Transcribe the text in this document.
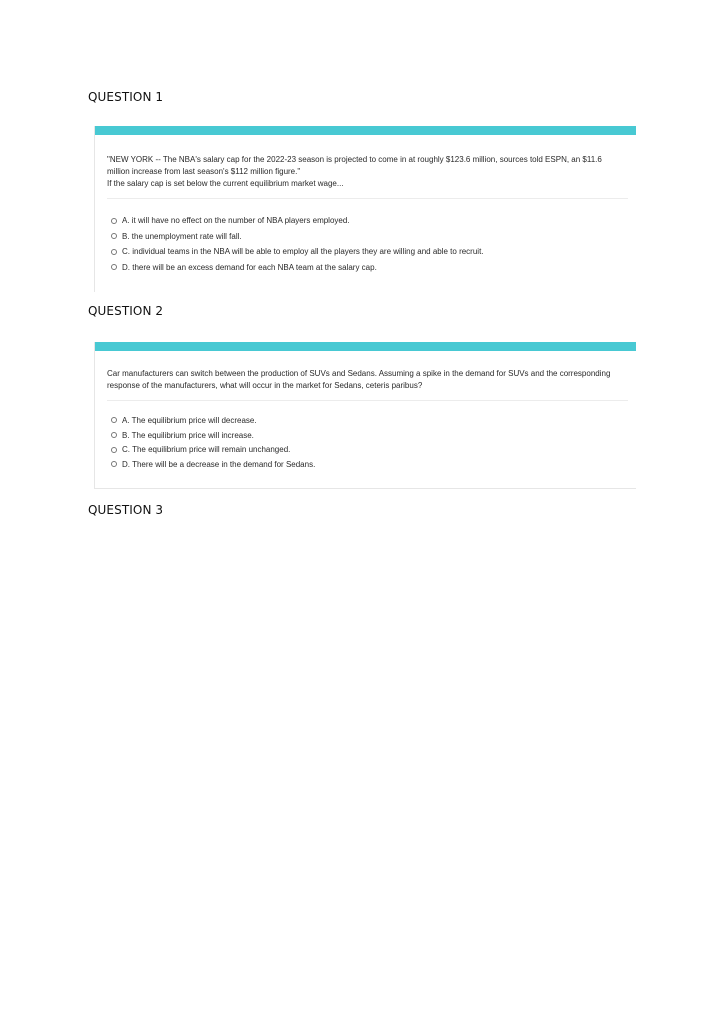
QUESTION 1
"NEW YORK -- The NBA's salary cap for the 2022-23 season is projected to come in at roughly $123.6 million, sources told ESPN, an $11.6
million increase from last season's $112 million figure."
If the salary cap is set below the current equilibrium market wage...
A. it will have no effect on the number of NBA players employed.
B. the unemployment rate will fall.
C. individual teams in the NBA will be able to employ all the players they are willing and able to recruit.
D. there will be an excess demand for each NBA team at the salary cap.
QUESTION 2
Car manufacturers can switch between the production of SUVs and Sedans. Assuming a spike in the demand for SUVs and the corresponding
response of the manufacturers, what will occur in the market for Sedans, ceteris paribus?
A. The equilibrium price will decrease.
B. The equilibrium price will increase.
C. The equilibrium price will remain unchanged.
D. There will be a decrease in the demand for Sedans.
QUESTION 3
